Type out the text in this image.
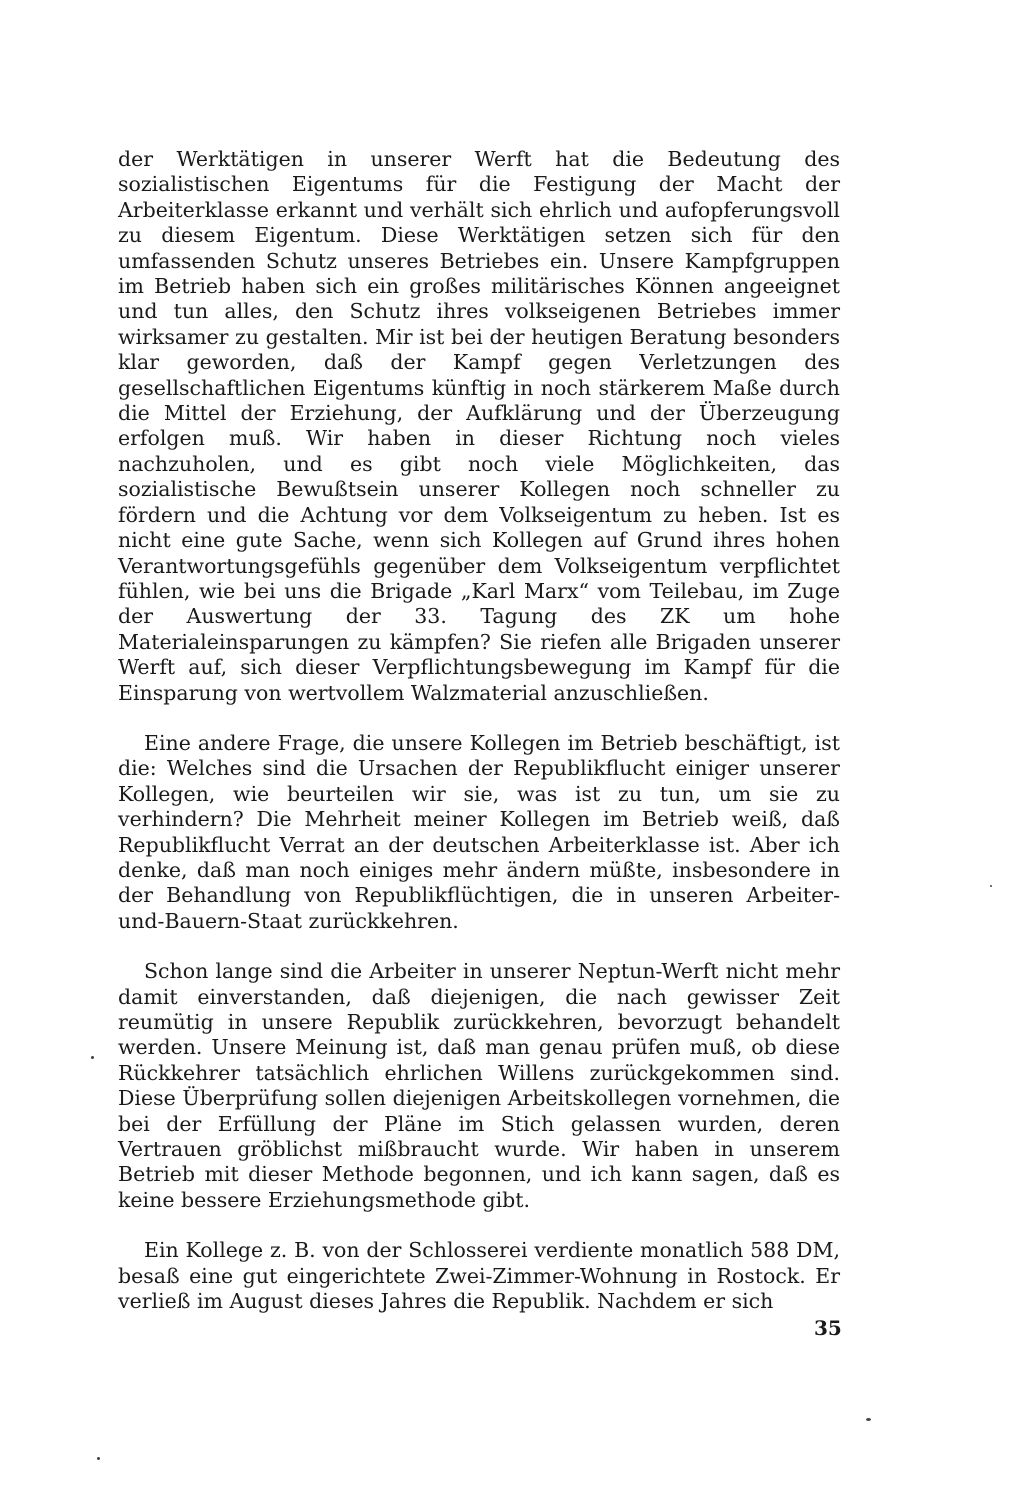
der Werktätigen in unserer Werft hat die Bedeutung des sozialistischen Eigentums für die Festigung der Macht der Arbeiterklasse erkannt und verhält sich ehrlich und aufopferungsvoll zu diesem Eigentum. Diese Werktätigen setzen sich für den umfassenden Schutz unseres Betriebes ein. Unsere Kampfgruppen im Betrieb haben sich ein großes militärisches Können angeeignet und tun alles, den Schutz ihres volkseigenen Betriebes immer wirksamer zu gestalten. Mir ist bei der heutigen Beratung besonders klar geworden, daß der Kampf gegen Verletzungen des gesellschaftlichen Eigentums künftig in noch stärkerem Maße durch die Mittel der Erziehung, der Aufklärung und der Überzeugung erfolgen muß. Wir haben in dieser Richtung noch vieles nachzuholen, und es gibt noch viele Möglichkeiten, das sozialistische Bewußtsein unserer Kollegen noch schneller zu fördern und die Achtung vor dem Volkseigentum zu heben. Ist es nicht eine gute Sache, wenn sich Kollegen auf Grund ihres hohen Verantwortungsgefühls gegenüber dem Volkseigentum verpflichtet fühlen, wie bei uns die Brigade „Karl Marx“ vom Teilebau, im Zuge der Auswertung der 33. Tagung des ZK um hohe Materialeinsparungen zu kämpfen? Sie riefen alle Brigaden unserer Werft auf, sich dieser Verpflichtungsbewegung im Kampf für die Einsparung von wertvollem Walzmaterial anzuschließen.

Eine andere Frage, die unsere Kollegen im Betrieb beschäftigt, ist die: Welches sind die Ursachen der Republikflucht einiger unserer Kollegen, wie beurteilen wir sie, was ist zu tun, um sie zu verhindern? Die Mehrheit meiner Kollegen im Betrieb weiß, daß Republikflucht Verrat an der deutschen Arbeiterklasse ist. Aber ich denke, daß man noch einiges mehr ändern müßte, insbesondere in der Behandlung von Republikflüchtigen, die in unseren Arbeiter-und-Bauern-Staat zurückkehren.

Schon lange sind die Arbeiter in unserer Neptun-Werft nicht mehr damit einverstanden, daß diejenigen, die nach gewisser Zeit reumütig in unsere Republik zurückkehren, bevorzugt behandelt werden. Unsere Meinung ist, daß man genau prüfen muß, ob diese Rückkehrer tatsächlich ehrlichen Willens zurückgekommen sind. Diese Überprüfung sollen diejenigen Arbeitskollegen vornehmen, die bei der Erfüllung der Pläne im Stich gelassen wurden, deren Vertrauen gröblichst mißbraucht wurde. Wir haben in unserem Betrieb mit dieser Methode begonnen, und ich kann sagen, daß es keine bessere Erziehungsmethode gibt.

Ein Kollege z. B. von der Schlosserei verdiente monatlich 588 DM, besaß eine gut eingerichtete Zwei-Zimmer-Wohnung in Rostock. Er verließ im August dieses Jahres die Republik. Nachdem er sich

35
